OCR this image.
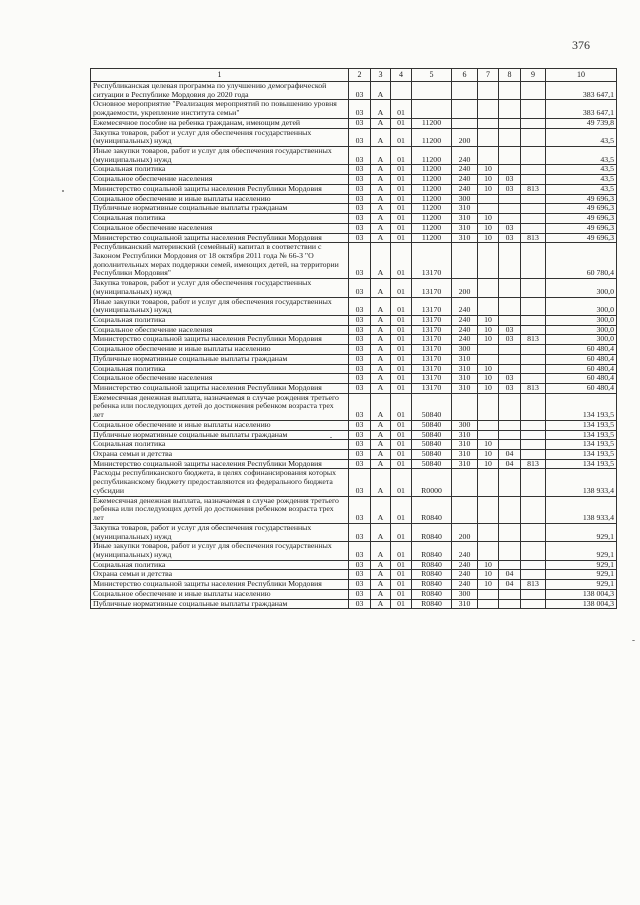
376
1	2	3	4	5	6	7	8	9	10
Республиканская целевая программа по улучшению демографической ситуации в Республике Мордовия до 2020 года	03	А							383 647,1
Основное мероприятие "Реализация мероприятий по повышению уровня рождаемости, укрепление института семьи"	03	А	01						383 647,1
Ежемесячное пособие на ребенка гражданам, имеющим детей	03	А	01	11200					49 739,8
Закупка товаров, работ и услуг для обеспечения государственных (муниципальных) нужд	03	А	01	11200	200				43,5
Иные закупки товаров, работ и услуг для обеспечения государственных (муниципальных) нужд	03	А	01	11200	240				43,5
Социальная политика	03	А	01	11200	240	10			43,5
Социальное обеспечение населения	03	А	01	11200	240	10	03		43,5
Министерство социальной защиты населения Республики Мордовия	03	А	01	11200	240	10	03	813	43,5
Социальное обеспечение и иные выплаты населению	03	А	01	11200	300				49 696,3
Публичные нормативные социальные выплаты гражданам	03	А	01	11200	310				49 696,3
Социальная политика	03	А	01	11200	310	10			49 696,3
Социальное обеспечение населения	03	А	01	11200	310	10	03		49 696,3
Министерство социальной защиты населения Республики Мордовия	03	А	01	11200	310	10	03	813	49 696,3
Республиканский материнский (семейный) капитал в соответствии с Законом Республики Мордовия от 18 октября 2011 года № 66-З "О дополнительных мерах поддержки семей, имеющих детей, на территории Республики Мордовия"	03	А	01	13170					60 780,4
Закупка товаров, работ и услуг для обеспечения государственных (муниципальных) нужд	03	А	01	13170	200				300,0
Иные закупки товаров, работ и услуг для обеспечения государственных (муниципальных) нужд	03	А	01	13170	240				300,0
Социальная политика	03	А	01	13170	240	10			300,0
Социальное обеспечение населения	03	А	01	13170	240	10	03		300,0
Министерство социальной защиты населения Республики Мордовия	03	А	01	13170	240	10	03	813	300,0
Социальное обеспечение и иные выплаты населению	03	А	01	13170	300				60 480,4
Публичные нормативные социальные выплаты гражданам	03	А	01	13170	310				60 480,4
Социальная политика	03	А	01	13170	310	10			60 480,4
Социальное обеспечение населения	03	А	01	13170	310	10	03		60 480,4
Министерство социальной защиты населения Республики Мордовия	03	А	01	13170	310	10	03	813	60 480,4
Ежемесячная денежная выплата, назначаемая в случае рождения третьего ребенка или последующих детей до достижения ребенком возраста трех лет	03	А	01	50840					134 193,5
Социальное обеспечение и иные выплаты населению	03	А	01	50840	300				134 193,5
Публичные нормативные социальные выплаты гражданам	03	А	01	50840	310				134 193,5
Социальная политика	03	А	01	50840	310	10			134 193,5
Охрана семьи и детства	03	А	01	50840	310	10	04		134 193,5
Министерство социальной защиты населения Республики Мордовия	03	А	01	50840	310	10	04	813	134 193,5
Расходы республиканского бюджета, в целях софинансирования которых республиканскому бюджету предоставляются из федерального бюджета субсидии	03	А	01	R0000					138 933,4
Ежемесячная денежная выплата, назначаемая в случае рождения третьего ребенка или последующих детей до достижения ребенком возраста трех лет	03	А	01	R0840					138 933,4
Закупка товаров, работ и услуг для обеспечения государственных (муниципальных) нужд	03	А	01	R0840	200				929,1
Иные закупки товаров, работ и услуг для обеспечения государственных (муниципальных) нужд	03	А	01	R0840	240				929,1
Социальная политика	03	А	01	R0840	240	10			929,1
Охрана семьи и детства	03	А	01	R0840	240	10	04		929,1
Министерство социальной защиты населения Республики Мордовия	03	А	01	R0840	240	10	04	813	929,1
Социальное обеспечение и иные выплаты населению	03	А	01	R0840	300				138 004,3
Публичные нормативные социальные выплаты гражданам	03	А	01	R0840	310				138 004,3
